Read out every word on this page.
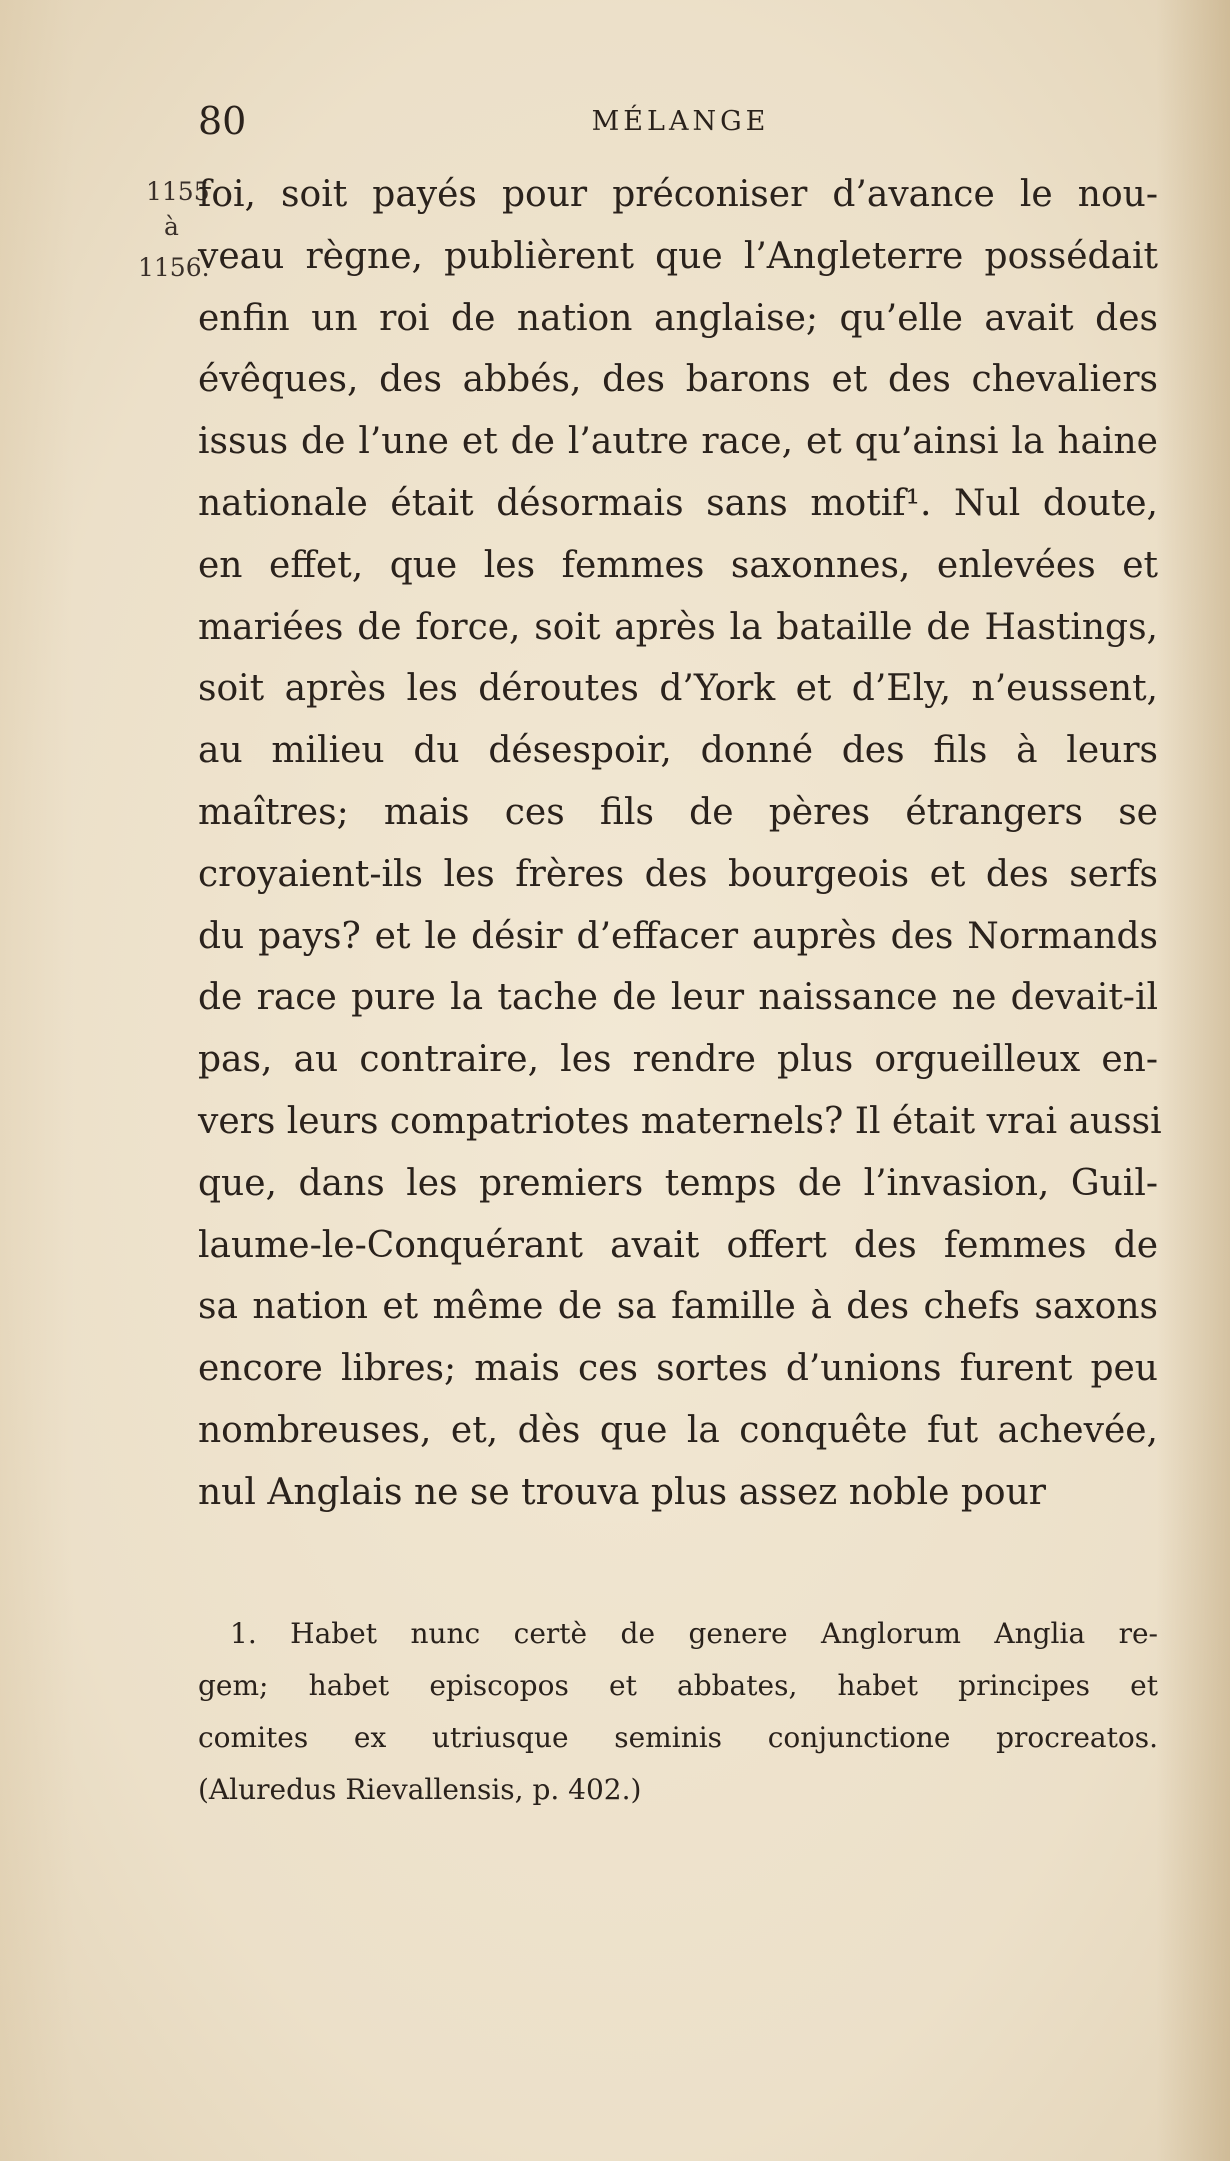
80	MÉLANGE
1155
à
1156.
foi, soit payés pour préconiser d’avance le nou-
veau règne, publièrent que l’Angleterre possédait
enfin un roi de nation anglaise; qu’elle avait des
évêques, des abbés, des barons et des chevaliers
issus de l’une et de l’autre race, et qu’ainsi la haine
nationale était désormais sans motif¹. Nul doute,
en effet, que les femmes saxonnes, enlevées et
mariées de force, soit après la bataille de Hastings,
soit après les déroutes d’York et d’Ely, n’eussent,
au milieu du désespoir, donné des fils à leurs
maîtres; mais ces fils de pères étrangers se
croyaient-ils les frères des bourgeois et des serfs
du pays? et le désir d’effacer auprès des Normands
de race pure la tache de leur naissance ne devait-il
pas, au contraire, les rendre plus orgueilleux en-
vers leurs compatriotes maternels? Il était vrai aussi
que, dans les premiers temps de l’invasion, Guil-
laume-le-Conquérant avait offert des femmes de
sa nation et même de sa famille à des chefs saxons
encore libres; mais ces sortes d’unions furent peu
nombreuses, et, dès que la conquête fut achevée,
nul Anglais ne se trouva plus assez noble pour
1. Habet nunc certè de genere Anglorum Anglia re-
gem; habet episcopos et abbates, habet principes et
comites ex utriusque seminis conjunctione procreatos.
(Aluredus Rievallensis, p. 402.)
